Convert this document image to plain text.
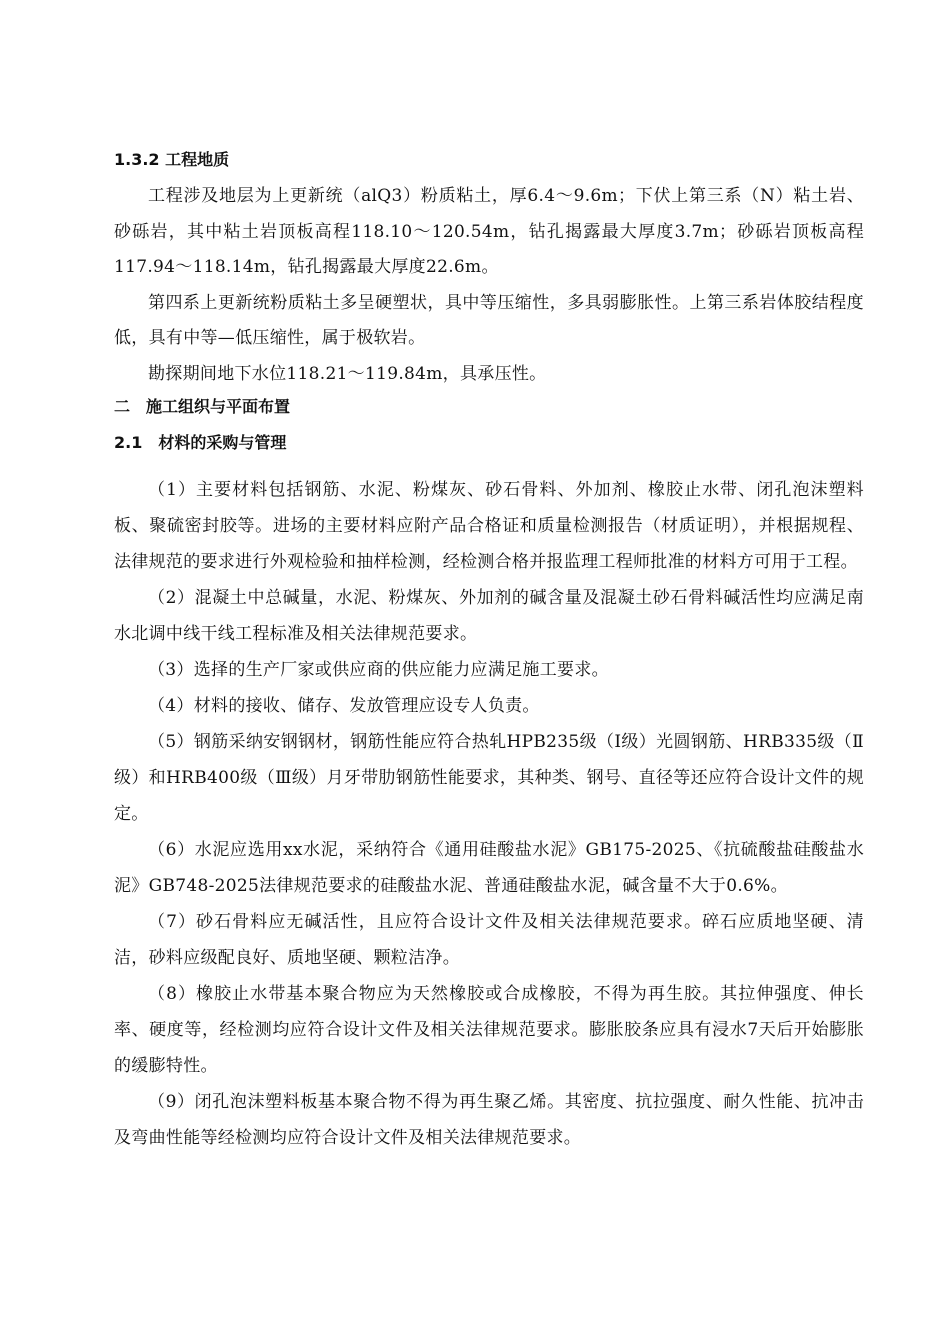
1.3.2 工程地质

工程涉及地层为上更新统（alQ3）粉质粘土，厚6.4～9.6m；下伏上第三系（N）粘土岩、砂砾岩，其中粘土岩顶板高程118.10～120.54m，钻孔揭露最大厚度3.7m；砂砾岩顶板高程117.94～118.14m，钻孔揭露最大厚度22.6m。

第四系上更新统粉质粘土多呈硬塑状，具中等压缩性，多具弱膨胀性。上第三系岩体胶结程度低，具有中等—低压缩性，属于极软岩。

勘探期间地下水位118.21～119.84m，具承压性。

二　施工组织与平面布置
2.1　材料的采购与管理

（1）主要材料包括钢筋、水泥、粉煤灰、砂石骨料、外加剂、橡胶止水带、闭孔泡沫塑料板、聚硫密封胶等。进场的主要材料应附产品合格证和质量检测报告（材质证明），并根据规程、法律规范的要求进行外观检验和抽样检测，经检测合格并报监理工程师批准的材料方可用于工程。

（2）混凝土中总碱量，水泥、粉煤灰、外加剂的碱含量及混凝土砂石骨料碱活性均应满足南水北调中线干线工程标准及相关法律规范要求。

（3）选择的生产厂家或供应商的供应能力应满足施工要求。

（4）材料的接收、储存、发放管理应设专人负责。

（5）钢筋采纳安钢钢材，钢筋性能应符合热轧HPB235级（Ⅰ级）光圆钢筋、HRB335级（Ⅱ级）和HRB400级（Ⅲ级）月牙带肋钢筋性能要求，其种类、钢号、直径等还应符合设计文件的规定。

（6）水泥应选用xx水泥，采纳符合《通用硅酸盐水泥》GB175-2025、《抗硫酸盐硅酸盐水泥》GB748-2025法律规范要求的硅酸盐水泥、普通硅酸盐水泥，碱含量不大于0.6%。

（7）砂石骨料应无碱活性，且应符合设计文件及相关法律规范要求。碎石应质地坚硬、清洁，砂料应级配良好、质地坚硬、颗粒洁净。

（8）橡胶止水带基本聚合物应为天然橡胶或合成橡胶，不得为再生胶。其拉伸强度、伸长率、硬度等，经检测均应符合设计文件及相关法律规范要求。膨胀胶条应具有浸水7天后开始膨胀的缓膨特性。

（9）闭孔泡沫塑料板基本聚合物不得为再生聚乙烯。其密度、抗拉强度、耐久性能、抗冲击及弯曲性能等经检测均应符合设计文件及相关法律规范要求。
